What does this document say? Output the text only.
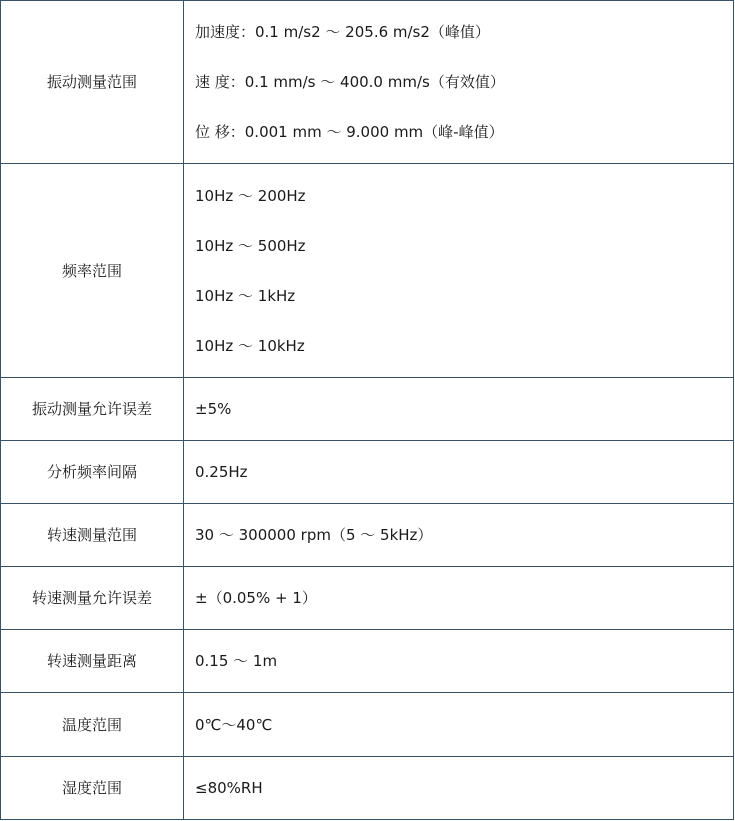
振动测量范围	加速度：0.1 m/s2 ～ 205.6 m/s2（峰值）
速 度：0.1 mm/s ～ 400.0 mm/s（有效值）
位 移：0.001 mm ～ 9.000 mm（峰-峰值）

频率范围	10Hz ～ 200Hz
10Hz ～ 500Hz
10Hz ～ 1kHz
10Hz ～ 10kHz

振动测量允许误差	±5%

分析频率间隔	0.25Hz

转速测量范围	30 ～ 300000 rpm（5 ～ 5kHz）

转速测量允许误差	±（0.05% + 1）

转速测量距离	0.15 ～ 1m

温度范围	0℃～40℃

湿度范围	≤80%RH
